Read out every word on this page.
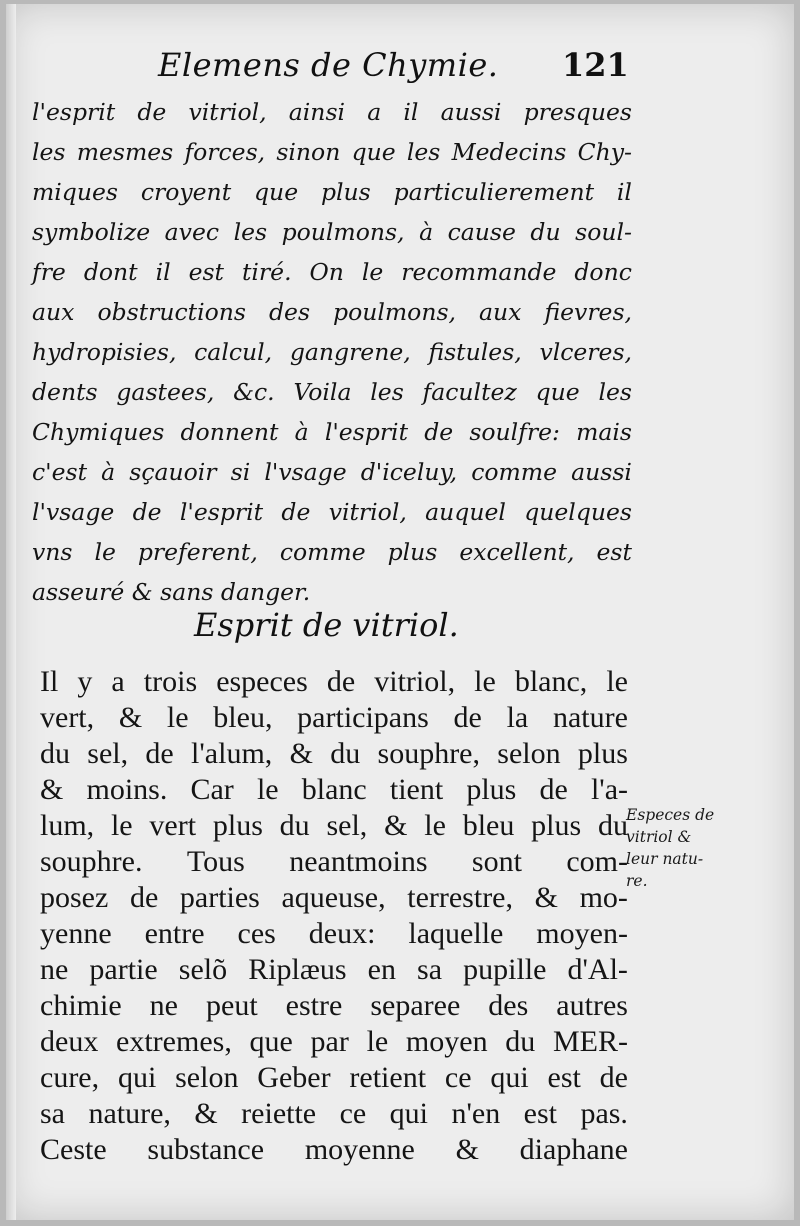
Elemens de Chymie. 121
l'esprit de vitriol, ainsi a il aussi presques
les mesmes forces, sinon que les Medecins Chy-
miques croyent que plus particulierement il
symbolize avec les poulmons, à cause du soul-
fre dont il est tiré. On le recommande donc
aux obstructions des poulmons, aux fievres,
hydropisies, calcul, gangrene, fistules, vlceres,
dents gastees, &c. Voila les facultez que les
Chymiques donnent à l'esprit de soulfre: mais
c'est à sçauoir si l'vsage d'iceluy, comme aussi
l'vsage de l'esprit de vitriol, auquel quelques
vns le preferent, comme plus excellent, est
asseuré & sans danger.
Esprit de vitriol.
Il y a trois especes de vitriol, le blanc, le
vert, & le bleu, participans de la nature
du sel, de l'alum, & du souphre, selon plus
& moins. Car le blanc tient plus de l'a-
lum, le vert plus du sel, & le bleu plus du
souphre. Tous neantmoins sont com-
posez de parties aqueuse, terrestre, & mo-
yenne entre ces deux: laquelle moyen-
ne partie selõ Riplæus en sa pupille d'Al-
chimie ne peut estre separee des autres
deux extremes, que par le moyen du MER-
cure, qui selon Geber retient ce qui est de
sa nature, & reiette ce qui n'en est pas.
Ceste substance moyenne & diaphane
Especes de
vitriol &
leur natu-
re.
